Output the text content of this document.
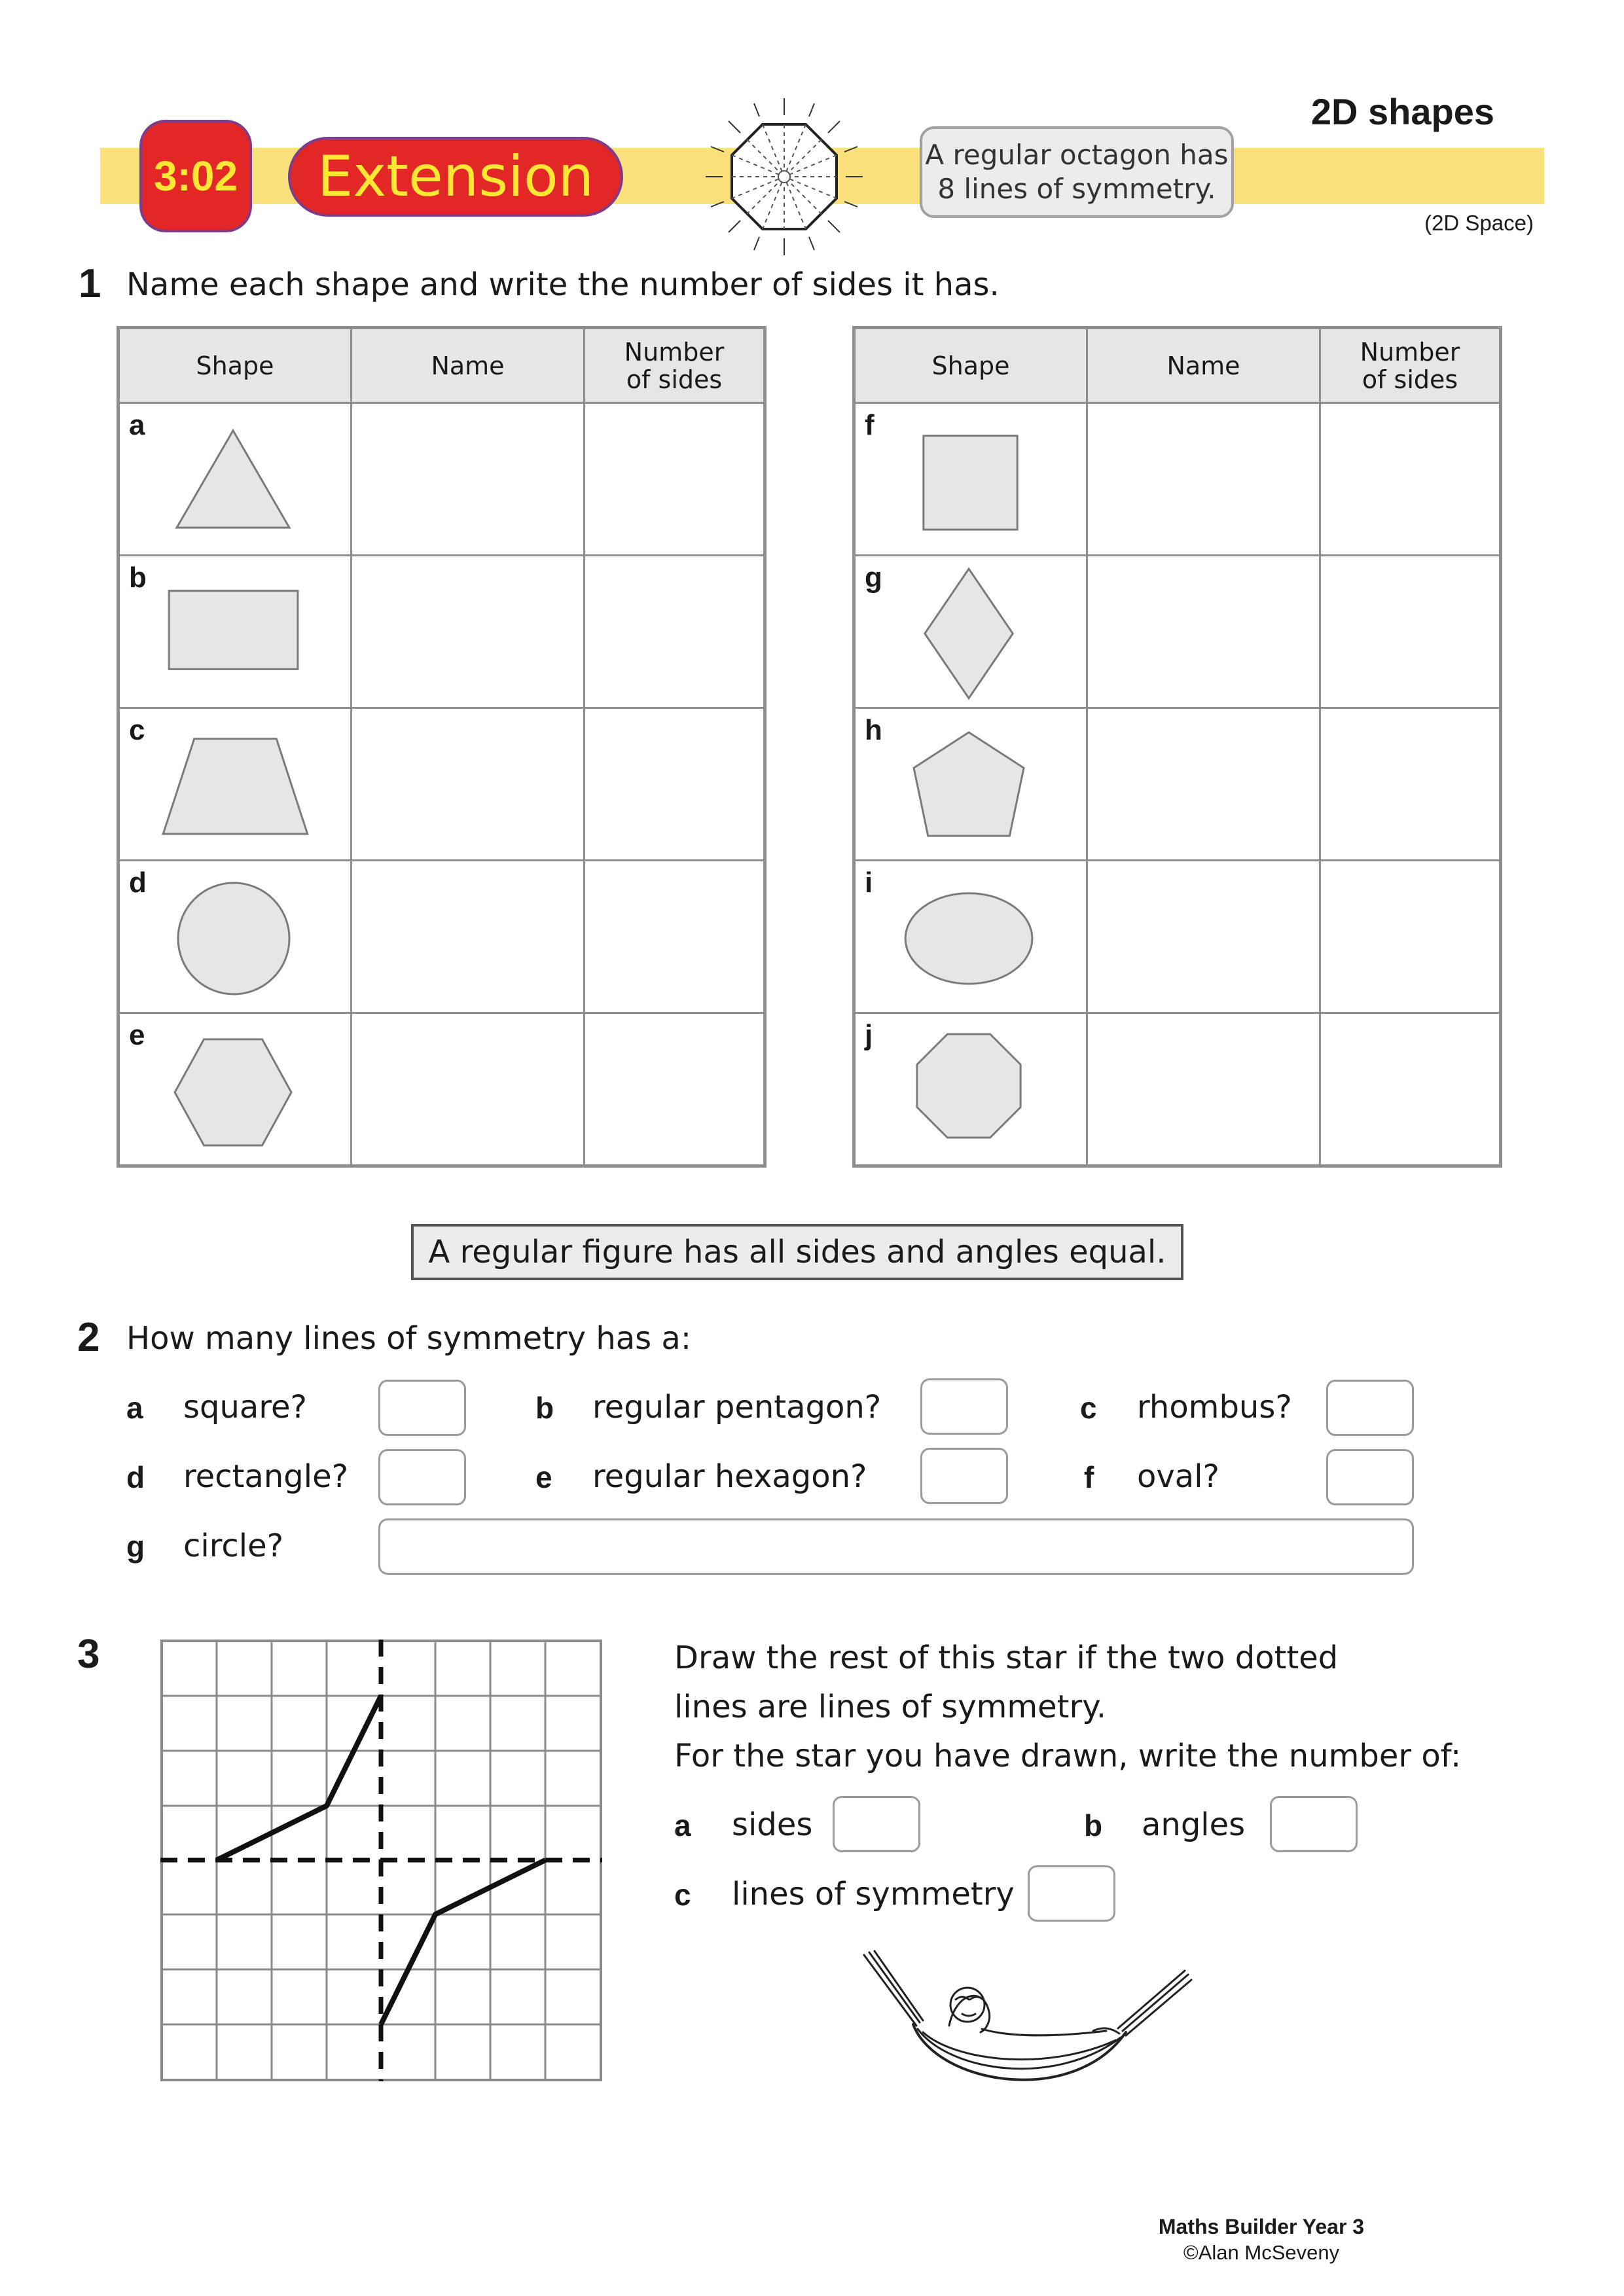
3:02	Extension	A regular octagon has
8 lines of symmetry.
2D shapes
(2D Space)
1 Name each shape and write the number of sides it has.
Shape	Name	Number
of sides

a		

b		

c		

d		

e		

Shape	Name	Number
of sides

f		

g		

h		

i		

j		

A regular figure has all sides and angles equal.
2 How many lines of symmetry has a:
a square?	b regular pentagon?	c rhombus?
d rectangle?	e regular hexagon?	f oval?
g circle?
3	Draw the rest of this star if the two dotted
lines are lines of symmetry.
For the star you have drawn, write the number of:
a sides	b angles
c lines of symmetry
Maths Builder Year 3
©Alan McSeveny
